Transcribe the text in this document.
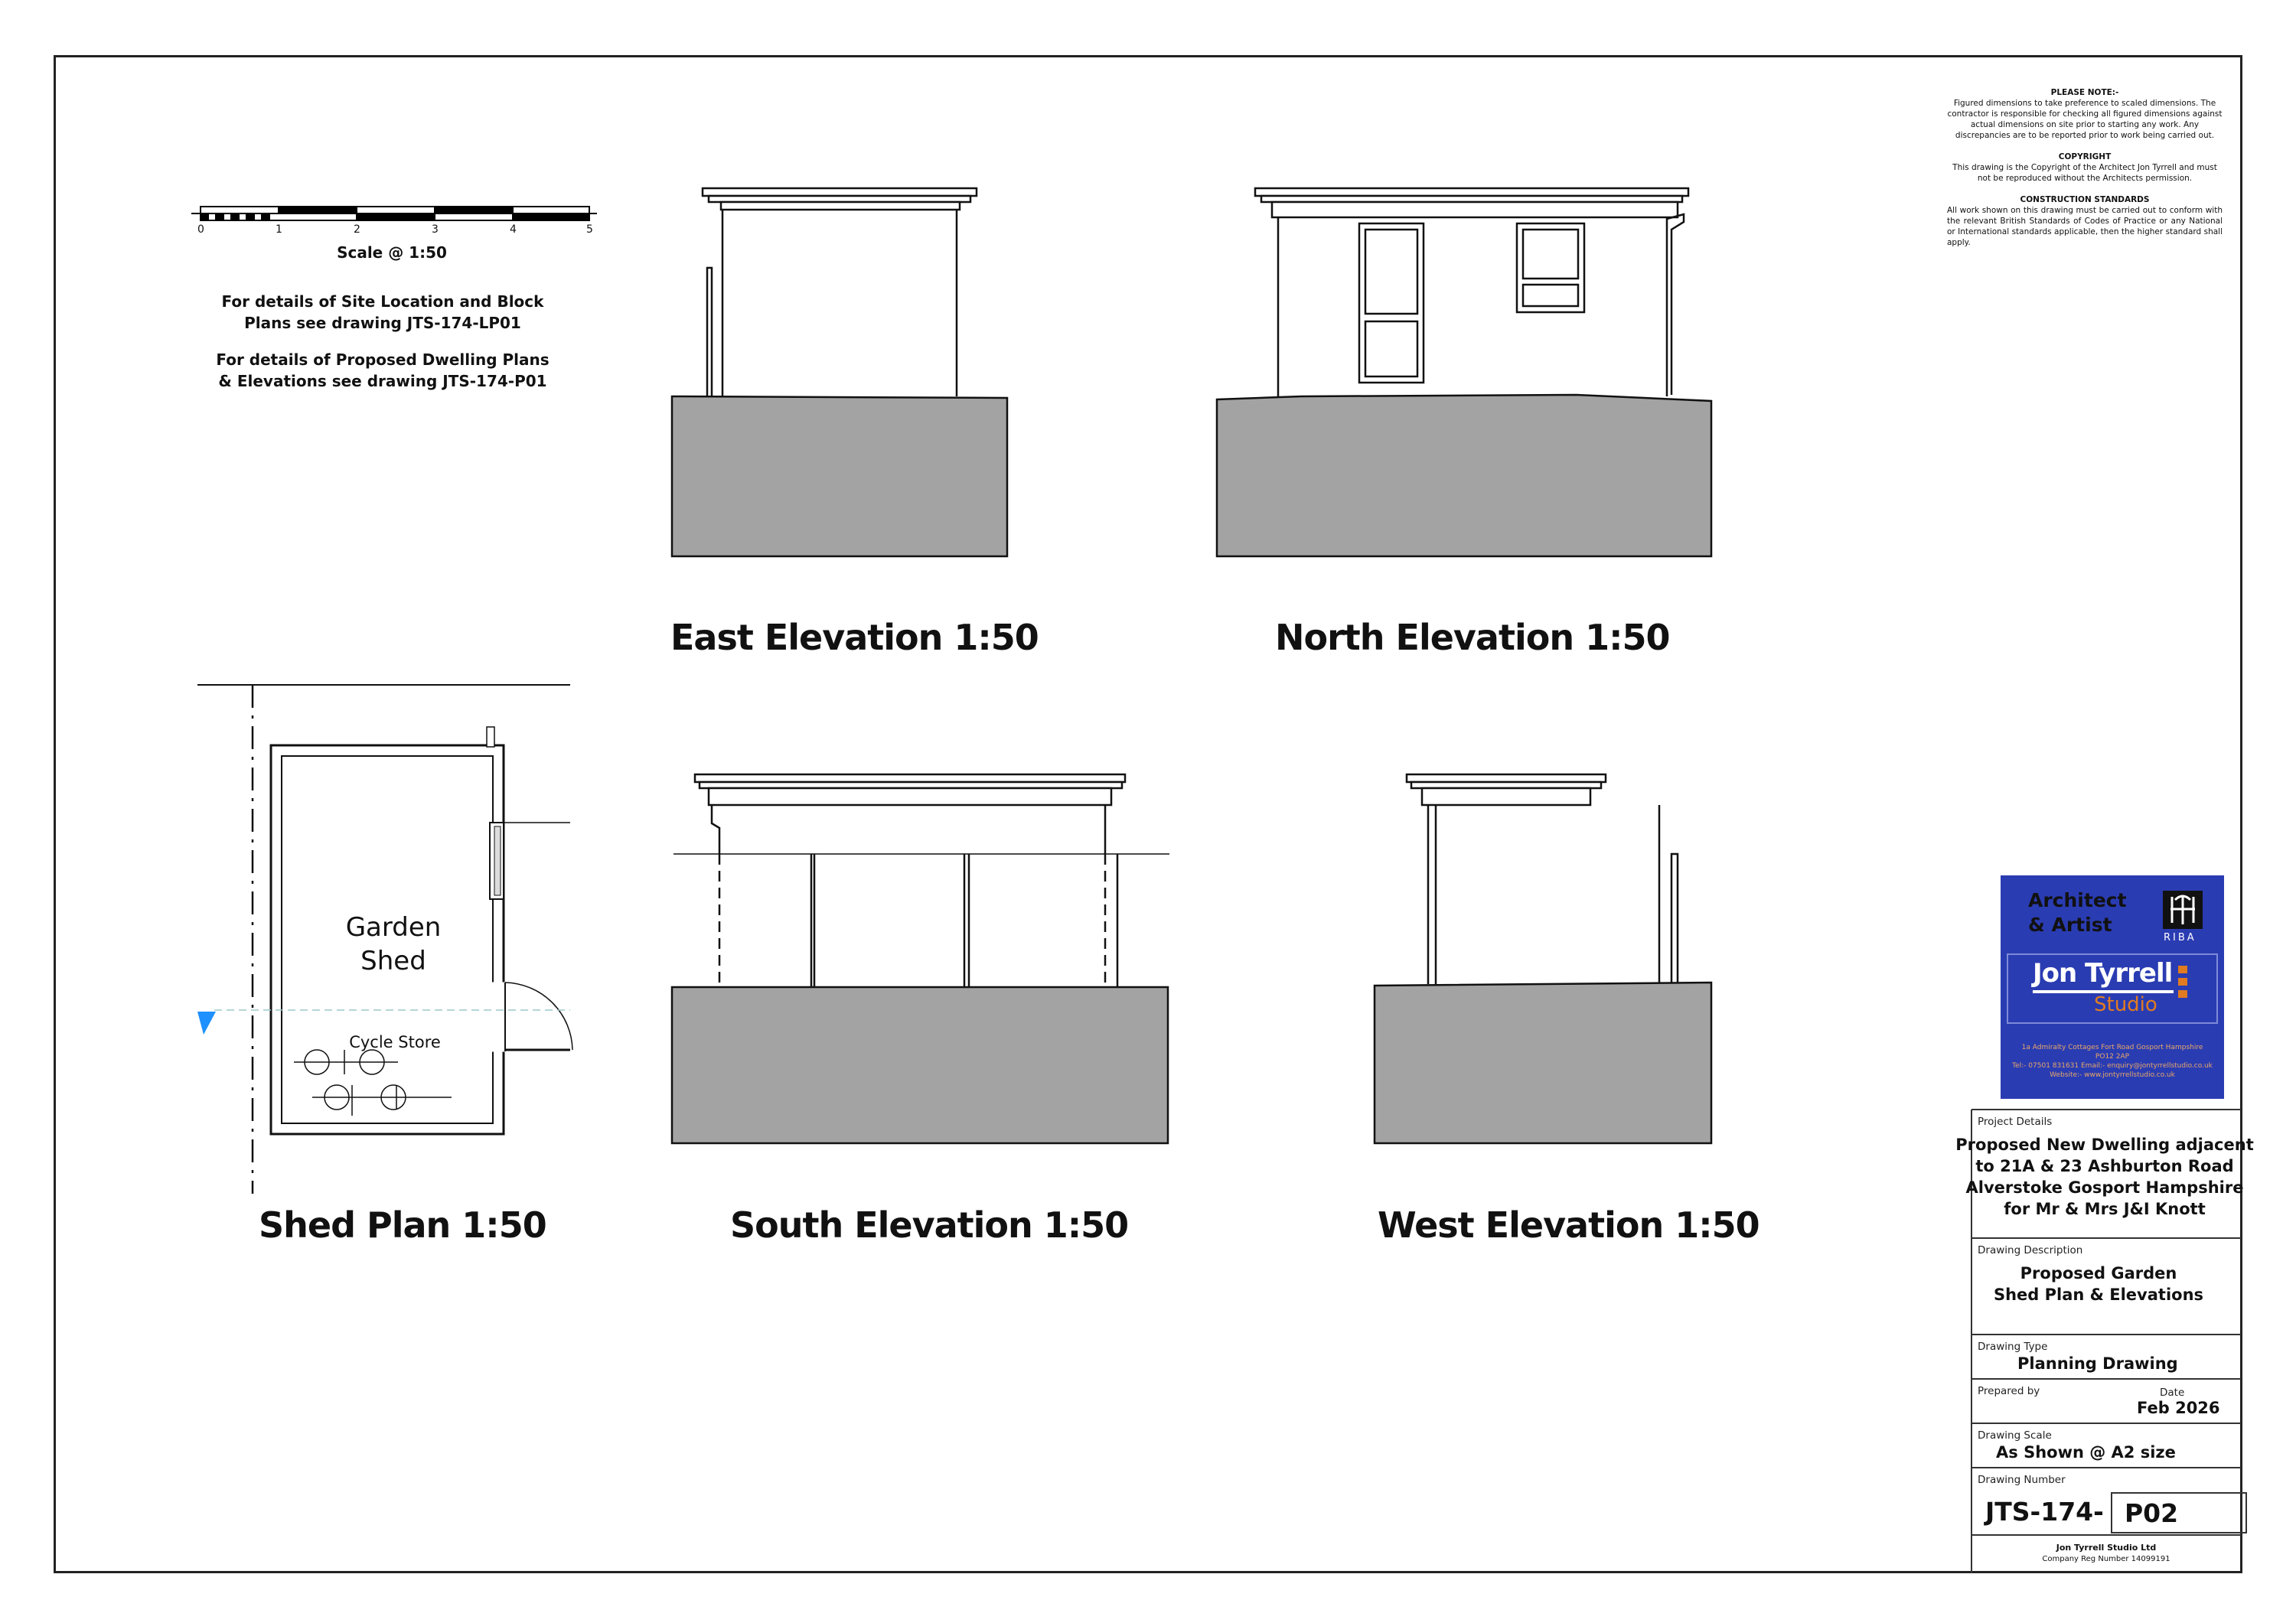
0	1	2	3	4	5
Scale @ 1:50
For details of Site Location and Block
Plans see drawing JTS-174-LP01
For details of Proposed Dwelling Plans
& Elevations see drawing JTS-174-P01
East Elevation 1:50	North Elevation 1:50
Shed Plan 1:50	South Elevation 1:50	West Elevation 1:50
Garden
Shed
Cycle Store
PLEASE NOTE:-
Figured dimensions to take preference to scaled dimensions. The contractor is responsible for checking all figured dimensions against actual dimensions on site prior to starting any work. Any discrepancies are to be reported prior to work being carried out.
COPYRIGHT
This drawing is the Copyright of the Architect Jon Tyrrell and must not be reproduced without the Architects permission.
CONSTRUCTION STANDARDS
All work shown on this drawing must be carried out to conform with the relevant British Standards of Codes of Practice or any National or International standards applicable, then the higher standard shall apply.
Architect
& Artist
RIBA
Jon Tyrrell
Studio
1a Admiralty Cottages Fort Road Gosport Hampshire
PO12 2AP
Tel:- 07501 831631 Email:- enquiry@jontyrrellstudio.co.uk
Website:- www.jontyrrellstudio.co.uk
Project Details
Proposed New Dwelling adjacent
to 21A & 23 Ashburton Road
Alverstoke Gosport Hampshire
for Mr & Mrs J&I Knott
Drawing Description
Proposed Garden
Shed Plan & Elevations
Drawing Type
Planning Drawing
Prepared by	Date
Feb 2026
Drawing Scale
As Shown @ A2 size
Drawing Number
JTS-174- P02
Jon Tyrrell Studio Ltd
Company Reg Number 14099191
